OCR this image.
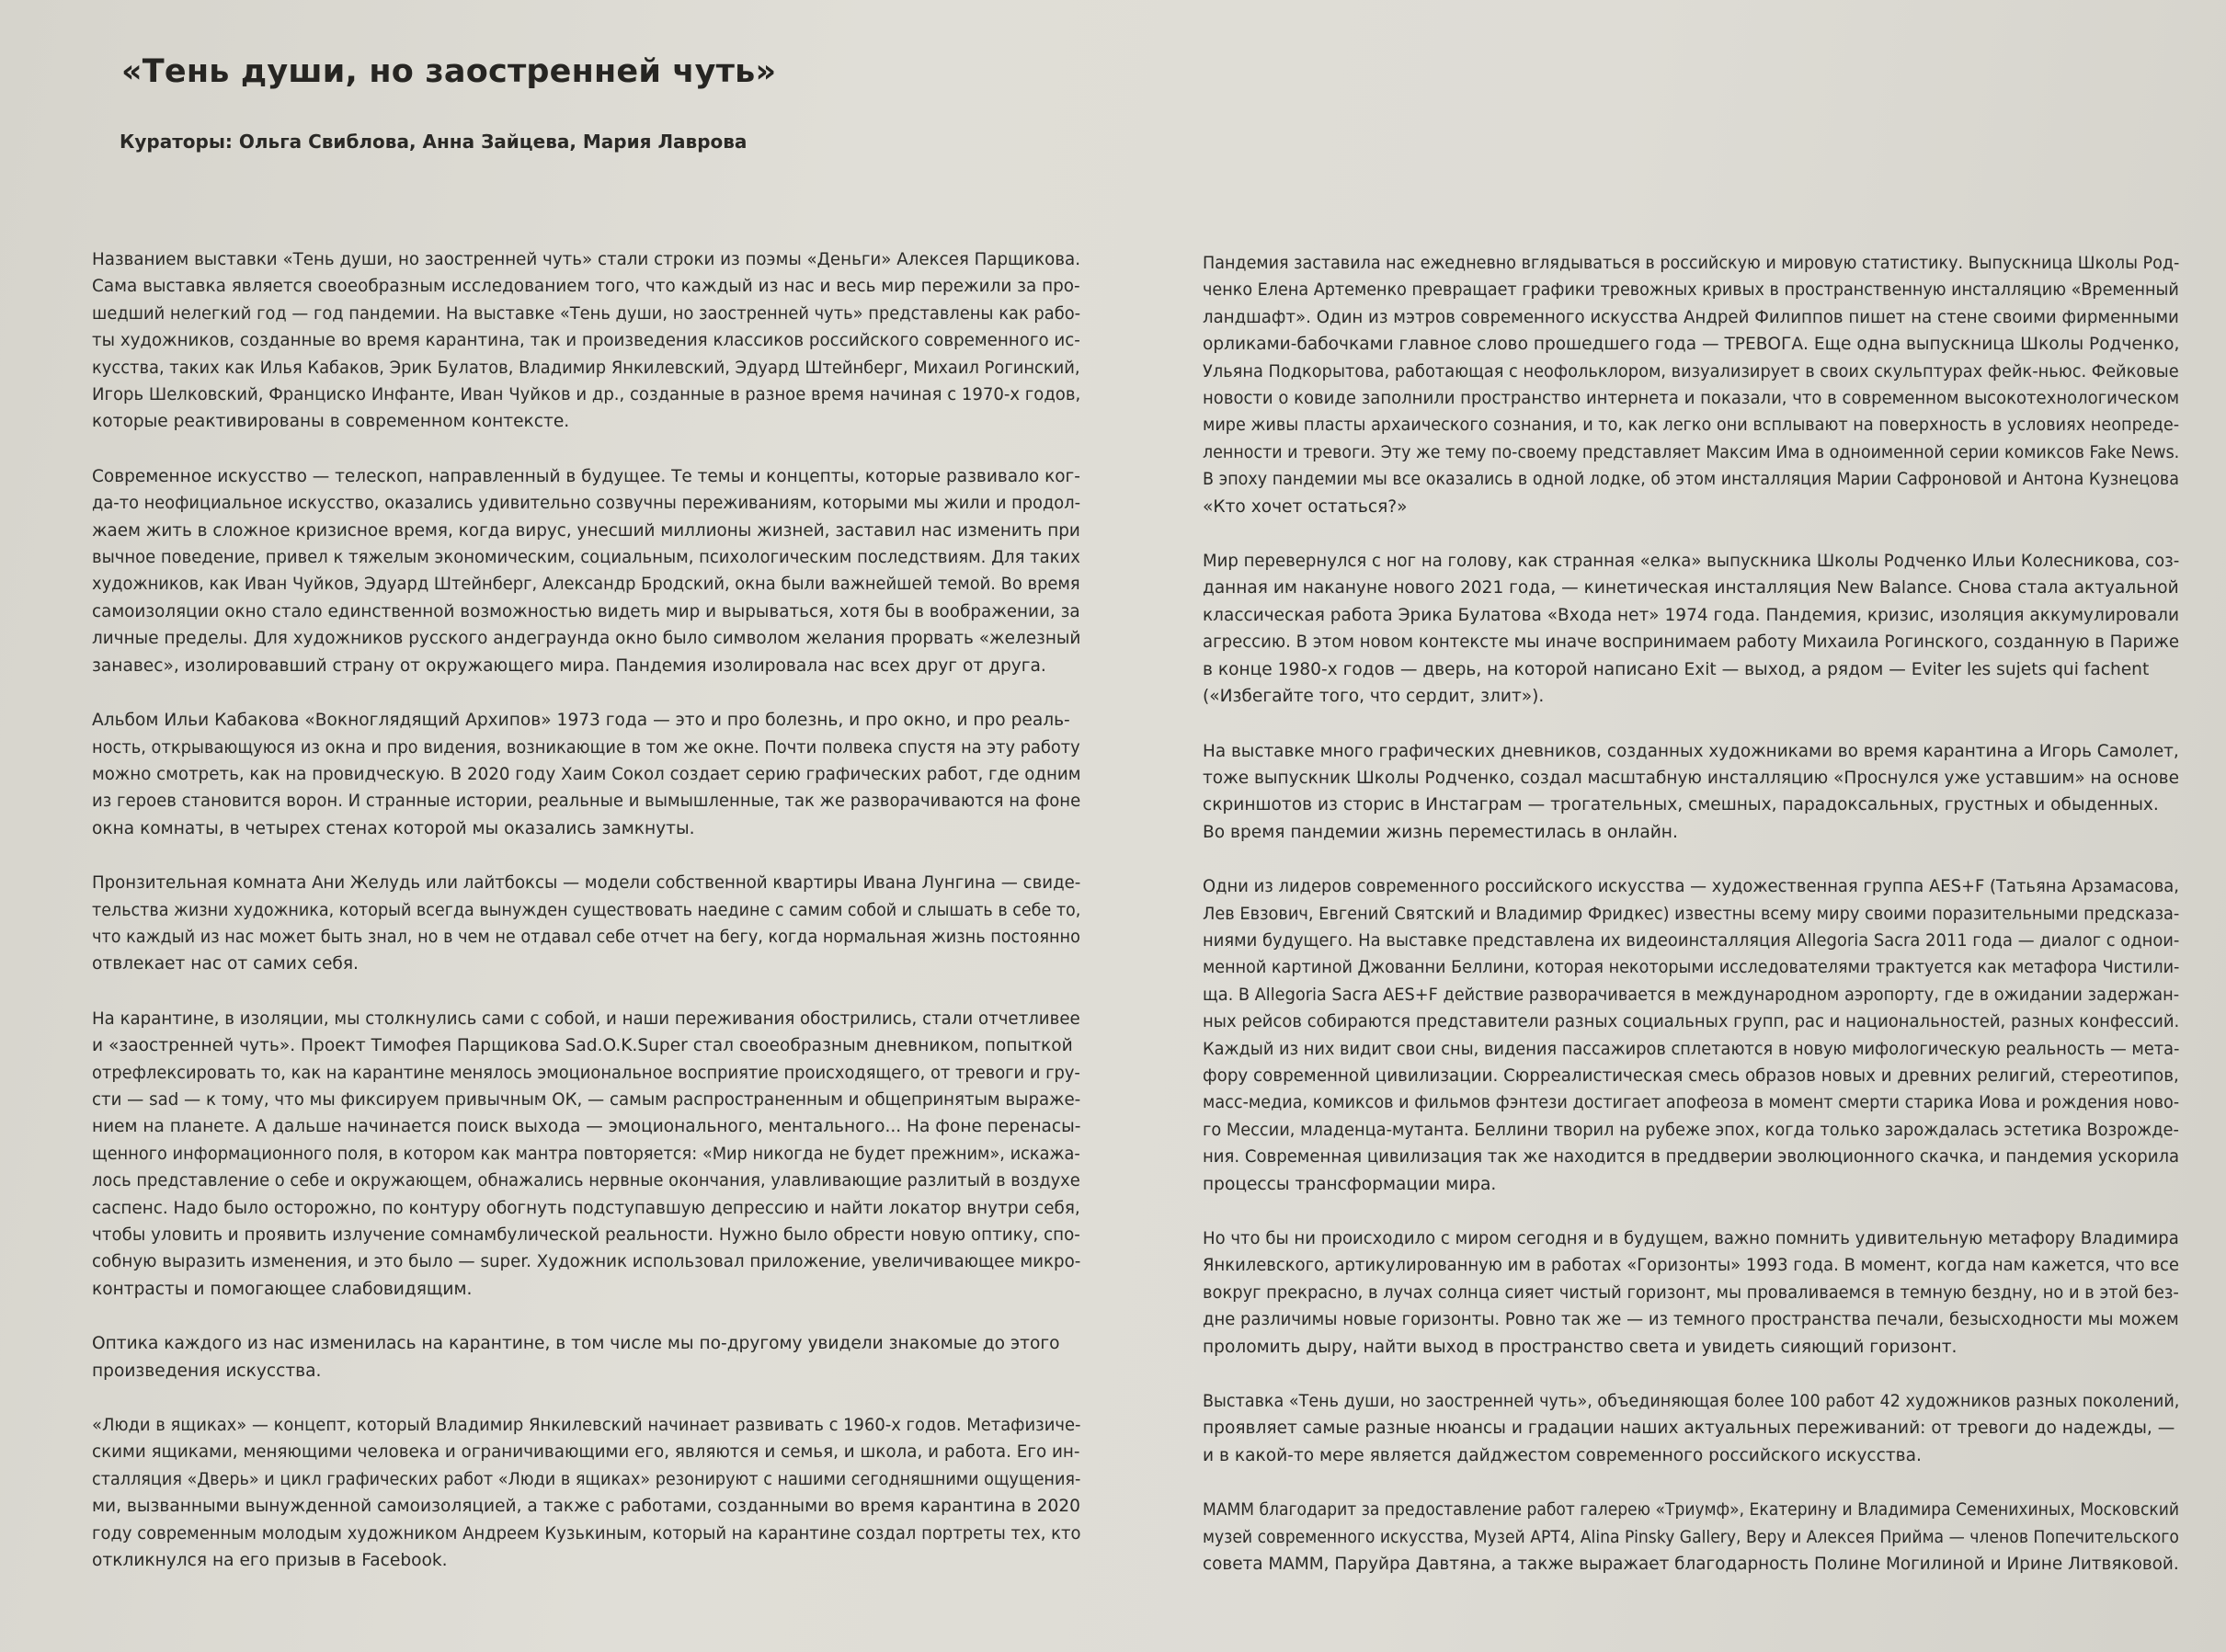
«Тень души, но заостренней чуть»
Кураторы: Ольга Свиблова, Анна Зайцева, Мария Лаврова

Названием выставки «Тень души, но заостренней чуть» стали строки из поэмы «Деньги» Алексея Парщикова.
Сама выставка является своеобразным исследованием того, что каждый из нас и весь мир пережили за про-
шедший нелегкий год — год пандемии. На выставке «Тень души, но заостренней чуть» представлены как рабо-
ты художников, созданные во время карантина, так и произведения классиков российского современного ис-
кусства, таких как Илья Кабаков, Эрик Булатов, Владимир Янкилевский, Эдуард Штейнберг, Михаил Рогинский,
Игорь Шелковский, Франциско Инфанте, Иван Чуйков и др., созданные в разное время начиная с 1970-х годов,
которые реактивированы в современном контексте.

Современное искусство — телескоп, направленный в будущее. Те темы и концепты, которые развивало ког-
да-то неофициальное искусство, оказались удивительно созвучны переживаниям, которыми мы жили и продол-
жаем жить в сложное кризисное время, когда вирус, унесший миллионы жизней, заставил нас изменить при
вычное поведение, привел к тяжелым экономическим, социальным, психологическим последствиям. Для таких
художников, как Иван Чуйков, Эдуард Штейнберг, Александр Бродский, окна были важнейшей темой. Во время
самоизоляции окно стало единственной возможностью видеть мир и вырываться, хотя бы в воображении, за
личные пределы. Для художников русского андеграунда окно было символом желания прорвать «железный
занавес», изолировавший страну от окружающего мира. Пандемия изолировала нас всех друг от друга.

Альбом Ильи Кабакова «Вокноглядящий Архипов» 1973 года — это и про болезнь, и про окно, и про реаль-
ность, открывающуюся из окна и про видения, возникающие в том же окне. Почти полвека спустя на эту работу
можно смотреть, как на провидческую. В 2020 году Хаим Сокол создает серию графических работ, где одним
из героев становится ворон. И странные истории, реальные и вымышленные, так же разворачиваются на фоне
окна комнаты, в четырех стенах которой мы оказались замкнуты.

Пронзительная комната Ани Желудь или лайтбоксы — модели собственной квартиры Ивана Лунгина — свиде-
тельства жизни художника, который всегда вынужден существовать наедине с самим собой и слышать в себе то,
что каждый из нас может быть знал, но в чем не отдавал себе отчет на бегу, когда нормальная жизнь постоянно
отвлекает нас от самих себя.

На карантине, в изоляции, мы столкнулись сами с собой, и наши переживания обострились, стали отчетливее
и «заостренней чуть». Проект Тимофея Парщикова Sad.O.K.Super стал своеобразным дневником, попыткой
отрефлексировать то, как на карантине менялось эмоциональное восприятие происходящего, от тревоги и гру-
сти — sad — к тому, что мы фиксируем привычным ОК, — самым распространенным и общепринятым выраже-
нием на планете. А дальше начинается поиск выхода — эмоционального, ментального... На фоне перенасы-
щенного информационного поля, в котором как мантра повторяется: «Мир никогда не будет прежним», искажа-
лось представление о себе и окружающем, обнажались нервные окончания, улавливающие разлитый в воздухе
саспенс. Надо было осторожно, по контуру обогнуть подступавшую депрессию и найти локатор внутри себя,
чтобы уловить и проявить излучение сомнамбулической реальности. Нужно было обрести новую оптику, спо-
собную выразить изменения, и это было — super. Художник использовал приложение, увеличивающее микро-
контрасты и помогающее слабовидящим.

Оптика каждого из нас изменилась на карантине, в том числе мы по-другому увидели знакомые до этого
произведения искусства.

«Люди в ящиках» — концепт, который Владимир Янкилевский начинает развивать с 1960-х годов. Метафизиче-
скими ящиками, меняющими человека и ограничивающими его, являются и семья, и школа, и работа. Его ин-
сталляция «Дверь» и цикл графических работ «Люди в ящиках» резонируют с нашими сегодняшними ощущения-
ми, вызванными вынужденной самоизоляцией, а также с работами, созданными во время карантина в 2020
году современным молодым художником Андреем Кузькиным, который на карантине создал портреты тех, кто
откликнулся на его призыв в Facebook.

Пандемия заставила нас ежедневно вглядываться в российскую и мировую статистику. Выпускница Школы Род-
ченко Елена Артеменко превращает графики тревожных кривых в пространственную инсталляцию «Временный
ландшафт». Один из мэтров современного искусства Андрей Филиппов пишет на стене своими фирменными
орликами-бабочками главное слово прошедшего года — ТРЕВОГА. Еще одна выпускница Школы Родченко,
Ульяна Подкорытова, работающая с неофольклором, визуализирует в своих скульптурах фейк-ньюс. Фейковые
новости о ковиде заполнили пространство интернета и показали, что в современном высокотехнологическом
мире живы пласты архаического сознания, и то, как легко они всплывают на поверхность в условиях неопреде-
ленности и тревоги. Эту же тему по-своему представляет Максим Има в одноименной серии комиксов Fake News.
В эпоху пандемии мы все оказались в одной лодке, об этом инсталляция Марии Сафроновой и Антона Кузнецова
«Кто хочет остаться?»

Мир перевернулся с ног на голову, как странная «елка» выпускника Школы Родченко Ильи Колесникова, соз-
данная им накануне нового 2021 года, — кинетическая инсталляция New Balance. Снова стала актуальной
классическая работа Эрика Булатова «Входа нет» 1974 года. Пандемия, кризис, изоляция аккумулировали
агрессию. В этом новом контексте мы иначе воспринимаем работу Михаила Рогинского, созданную в Париже
в конце 1980-х годов — дверь, на которой написано Exit — выход, а рядом — Eviter les sujets qui fachent
(«Избегайте того, что сердит, злит»).

На выставке много графических дневников, созданных художниками во время карантина а Игорь Самолет,
тоже выпускник Школы Родченко, создал масштабную инсталляцию «Проснулся уже уставшим» на основе
скриншотов из сторис в Инстаграм — трогательных, смешных, парадоксальных, грустных и обыденных.
Во время пандемии жизнь переместилась в онлайн.

Одни из лидеров современного российского искусства — художественная группа AES+F (Татьяна Арзамасова,
Лев Евзович, Евгений Святский и Владимир Фридкес) известны всему миру своими поразительными предсказа-
ниями будущего. На выставке представлена их видеоинсталляция Allegoria Sacra 2011 года — диалог с однои-
менной картиной Джованни Беллини, которая некоторыми исследователями трактуется как метафора Чистили-
ща. В Allegoria Sacra AES+F действие разворачивается в международном аэропорту, где в ожидании задержан-
ных рейсов собираются представители разных социальных групп, рас и национальностей, разных конфессий.
Каждый из них видит свои сны, видения пассажиров сплетаются в новую мифологическую реальность — мета-
фору современной цивилизации. Сюрреалистическая смесь образов новых и древних религий, стереотипов,
масс-медиа, комиксов и фильмов фэнтези достигает апофеоза в момент смерти старика Иова и рождения ново-
го Мессии, младенца-мутанта. Беллини творил на рубеже эпох, когда только зарождалась эстетика Возрожде-
ния. Современная цивилизация так же находится в преддверии эволюционного скачка, и пандемия ускорила
процессы трансформации мира.

Но что бы ни происходило с миром сегодня и в будущем, важно помнить удивительную метафору Владимира
Янкилевского, артикулированную им в работах «Горизонты» 1993 года. В момент, когда нам кажется, что все
вокруг прекрасно, в лучах солнца сияет чистый горизонт, мы проваливаемся в темную бездну, но и в этой без-
дне различимы новые горизонты. Ровно так же — из темного пространства печали, безысходности мы можем
проломить дыру, найти выход в пространство света и увидеть сияющий горизонт.

Выставка «Тень души, но заостренней чуть», объединяющая более 100 работ 42 художников разных поколений,
проявляет самые разные нюансы и градации наших актуальных переживаний: от тревоги до надежды, —
и в какой-то мере является дайджестом современного российского искусства.

МАММ благодарит за предоставление работ галерею «Триумф», Екатерину и Владимира Семенихиных, Московский
музей современного искусства, Музей АРТ4, Alina Pinsky Gallery, Веру и Алексея Прийма — членов Попечительского
совета МАММ, Паруйра Давтяна, а также выражает благодарность Полине Могилиной и Ирине Литвяковой.
